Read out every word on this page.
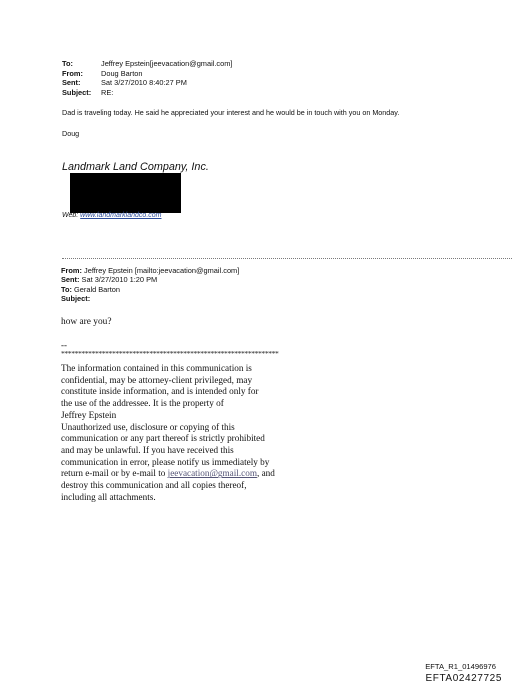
To:	Jeffrey Epstein[jeevacation@gmail.com]
From:	Doug Barton
Sent:	Sat 3/27/2010 8:40:27 PM
Subject:	RE:
Dad is traveling today. He said he appreciated your interest and he would be in touch with you on Monday.
Doug
Landmark Land Company, Inc.
Web: www.landmarklandco.com
From: Jeffrey Epstein [mailto:jeevacation@gmail.com]
Sent: Sat 3/27/2010 1:20 PM
To: Gerald Barton
Subject:
how are you?
--
****************************************************************
The information contained in this communication is
confidential, may be attorney-client privileged, may
constitute inside information, and is intended only for
the use of the addressee. It is the property of
Jeffrey Epstein
Unauthorized use, disclosure or copying of this
communication or any part thereof is strictly prohibited
and may be unlawful. If you have received this
communication in error, please notify us immediately by
return e-mail or by e-mail to jeevacation@gmail.com, and
destroy this communication and all copies thereof,
including all attachments.
EFTA_R1_01496976
EFTA02427725
